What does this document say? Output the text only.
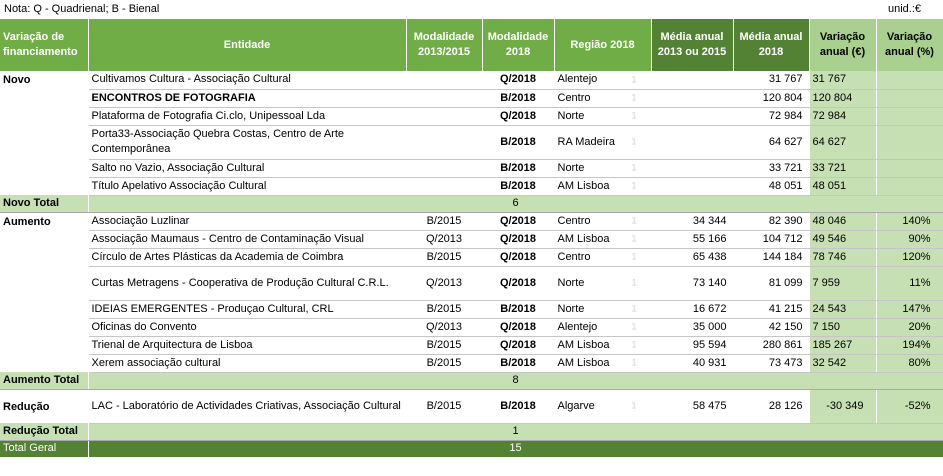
Nota: Q - Quadrienal; B - Bienal	unid.:€
Variação de financiamento	Entidade	Modalidade 2013/2015	Modalidade 2018	Região 2018	Média anual 2013 ou 2015	Média anual 2018	Variação anual (€)	Variação anual (%)
Novo	Cultivamos Cultura - Associação Cultural		Q/2018	Alentejo 1		31 767	31 767	
	ENCONTROS DE FOTOGRAFIA		B/2018	Centro 1		120 804	120 804	
	Plataforma de Fotografia Ci.clo, Unipessoal Lda		Q/2018	Norte 1		72 984	72 984	
	Porta33-Associação Quebra Costas, Centro de Arte Contemporânea		B/2018	RA Madeira 1		64 627	64 627	
	Salto no Vazio, Associação Cultural		B/2018	Norte 1		33 721	33 721	
	Título Apelativo Associação Cultural		B/2018	AM Lisboa 1		48 051	48 051	
Novo Total	6							
Aumento	Associação Luzlinar	B/2015	Q/2018	Centro 1	34 344	82 390	48 046	140%
	Associação Maumaus - Centro de Contaminação Visual	Q/2013	Q/2018	AM Lisboa 1	55 166	104 712	49 546	90%
	Círculo de Artes Plásticas da Academia de Coimbra	B/2015	Q/2018	Centro 1	65 438	144 184	78 746	120%
	Curtas Metragens - Cooperativa de Produção Cultural C.R.L.	Q/2013	Q/2018	Norte 1	73 140	81 099	7 959	11%
	IDEIAS EMERGENTES - Produçao Cultural, CRL	B/2015	B/2018	Norte 1	16 672	41 215	24 543	147%
	Oficinas do Convento	Q/2013	Q/2018	Alentejo 1	35 000	42 150	7 150	20%
	Trienal de Arquitectura de Lisboa	B/2015	Q/2018	AM Lisboa 1	95 594	280 861	185 267	194%
	Xerem associação cultural	B/2015	B/2018	AM Lisboa 1	40 931	73 473	32 542	80%
Aumento Total	8							
Redução	LAC - Laboratório de Actividades Criativas, Associação Cultural	B/2015	B/2018	Algarve 1	58 475	28 126	-30 349	-52%
Redução Total	1							
Total Geral	15							
